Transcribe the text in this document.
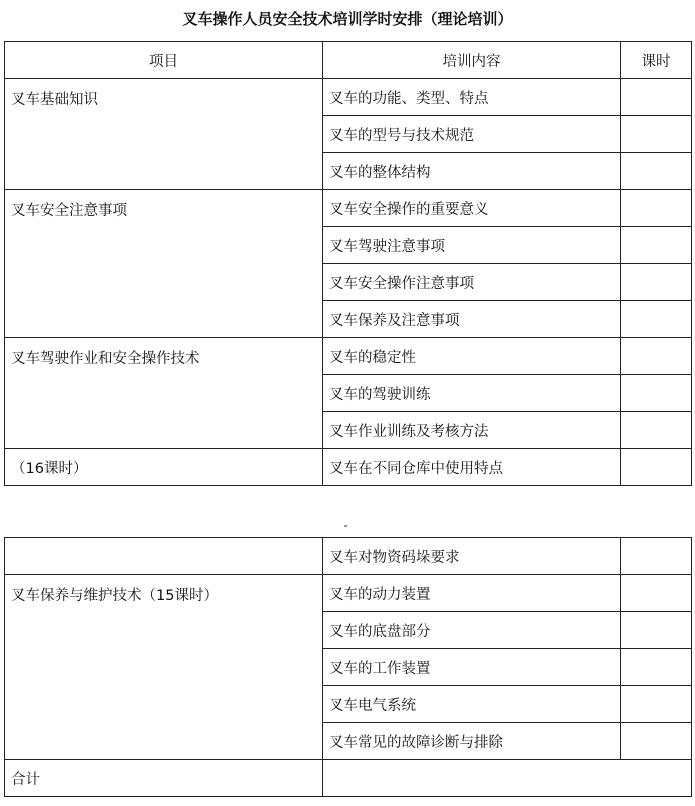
叉车操作人员安全技术培训学时安排（理论培训）
项目	培训内容	课时
叉车基础知识	叉车的功能、类型、特点	
	叉车的型号与技术规范	
	叉车的整体结构	
叉车安全注意事项	叉车安全操作的重要意义	
	叉车驾驶注意事项	
	叉车安全操作注意事项	
	叉车保养及注意事项	
叉车驾驶作业和安全操作技术	叉车的稳定性	
	叉车的驾驶训练	
	叉车作业训练及考核方法	
（16课时）	叉车在不同仓库中使用特点	
	叉车对物资码垛要求	
叉车保养与维护技术（15课时）	叉车的动力装置	
	叉车的底盘部分	
	叉车的工作装置	
	叉车电气系统	
	叉车常见的故障诊断与排除	
合计		
